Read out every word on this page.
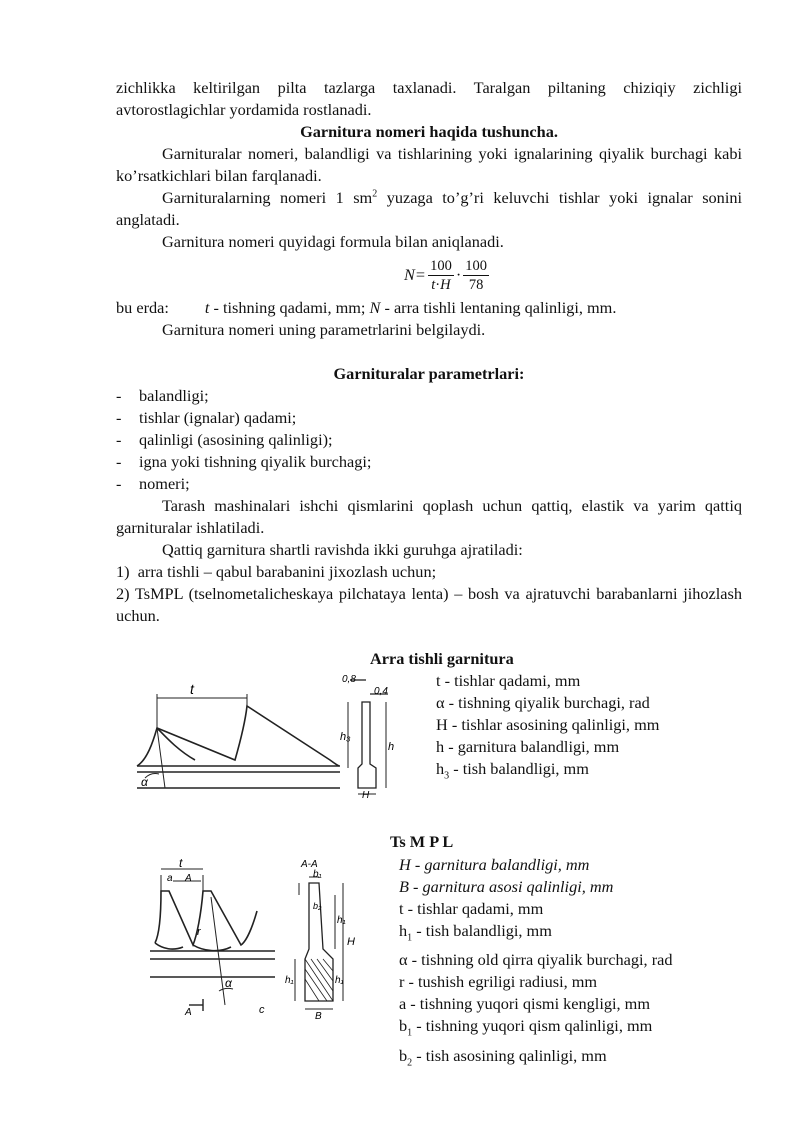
zichlikka keltirilgan pilta tazlarga taxlanadi. Taralgan piltaning chiziqiy zichligi avtorostlagichlar yordamida rostlanadi.

Garnitura nomeri haqida tushuncha.

Garnituralar nomeri, balandligi va tishlarining yoki ignalarining qiyalik burchagi kabi ko’rsatkichlari bilan farqlanadi.

Garnituralarning nomeri 1 $sm^2$ yuzaga to’g’ri keluvchi tishlar yoki ignalar sonini anglatadi.

Garnitura nomeri quyidagi formula bilan aniqlanadi.

$N = \frac{100}{t\cdot H} \cdot \frac{100}{78}$

bu erda: t - tishning qadami, mm; N - arra tishli lentaning qalinligi, mm.

Garnitura nomeri uning parametrlarini belgilaydi.

Garnituralar parametrlari:

- balandligi;
- tishlar (ignalar) qadami;
- qalinligi (asosining qalinligi);
- igna yoki tishning qiyalik burchagi;
- nomeri;

Tarash mashinalari ishchi qismlarini qoplash uchun qattiq, elastik va yarim qattiq garnituralar ishlatiladi.

Qattiq garnitura shartli ravishda ikki guruhga ajratiladi:

1) arra tishli – qabul barabanini jixozlash uchun;

2) TsMPL (tselnometalicheskaya pilchataya lenta) – bosh va ajratuvchi barabanlarni jihozlash uchun.

Arra tishli garnitura
t
α
0,8
0,4
h₃
h
H
t - tishlar qadami, mm
α - tishning qiyalik burchagi, rad
H - tishlar asosining qalinligi, mm
h - garnitura balandligi, mm
$h_3$ - tish balandligi, mm
Ts M P L
t
a A
r
α
A	c
A-A
b₁
b₂
h₁
H
h₁	h₁
B
H - garnitura balandligi, mm
B - garnitura asosi qalinligi, mm
t - tishlar qadami, mm
$h_1$ - tish balandligi, mm
α - tishning old qirra qiyalik burchagi, rad
r - tushish egriligi radiusi, mm
a - tishning yuqori qismi kengligi, mm
$b_1$ - tishning yuqori qism qalinligi, mm
$b_2$ - tish asosining qalinligi, mm
